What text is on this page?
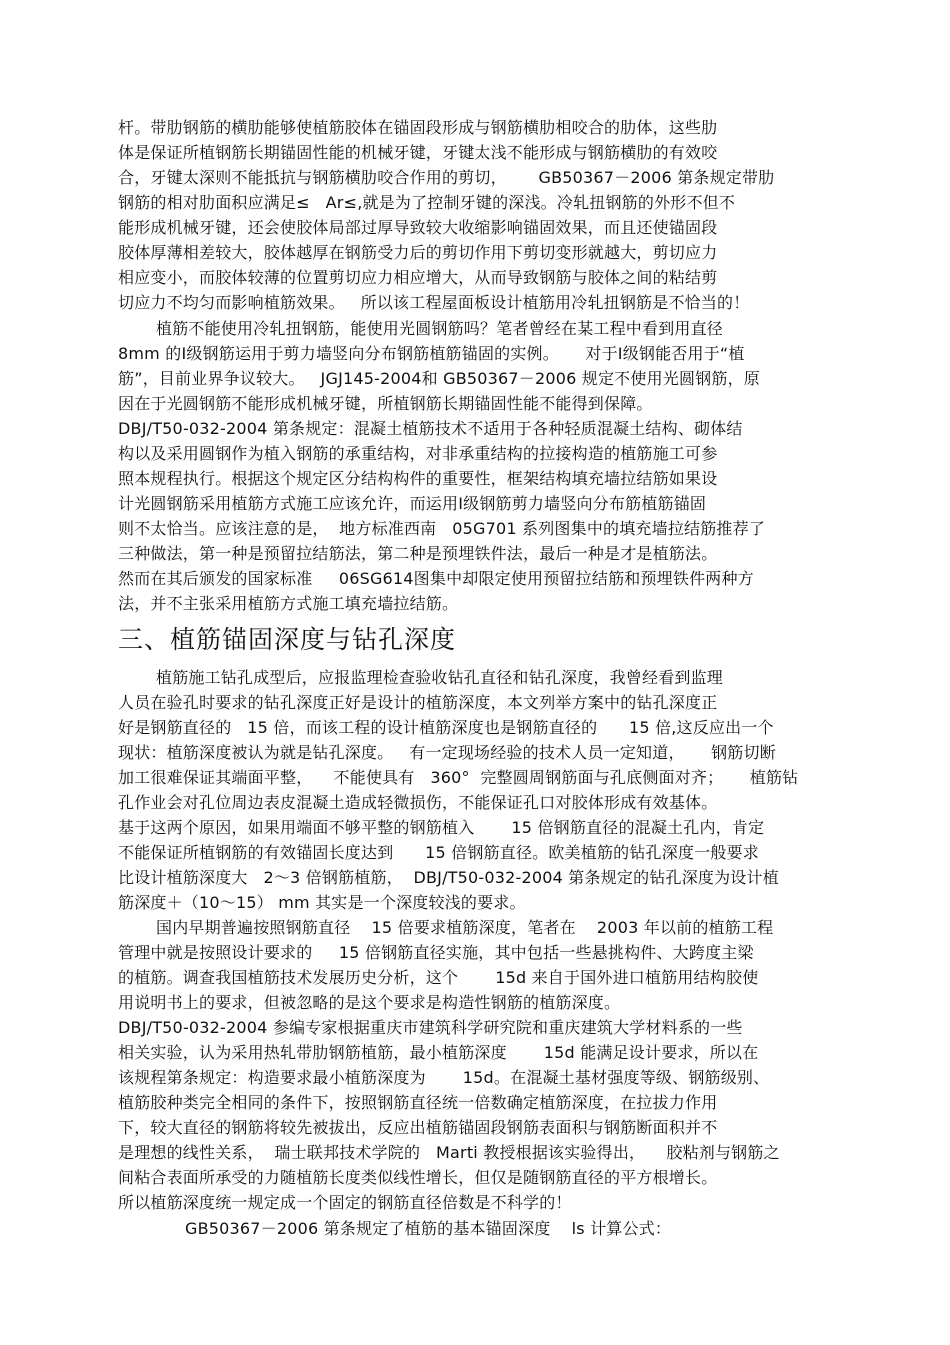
杆。带肋钢筋的横肋能够使植筋胶体在锚固段形成与钢筋横肋相咬合的肋体，这些肋
体是保证所植钢筋长期锚固性能的机械牙键，牙键太浅不能形成与钢筋横肋的有效咬
合，牙键太深则不能抵抗与钢筋横肋咬合作用的剪切，      GB50367－2006 第条规定带肋
钢筋的相对肋面积应满足≤   Ar≤,就是为了控制牙键的深浅。冷轧扭钢筋的外形不但不
能形成机械牙键，还会使胶体局部过厚导致较大收缩影响锚固效果，而且还使锚固段
胶体厚薄相差较大，胶体越厚在钢筋受力后的剪切作用下剪切变形就越大，剪切应力
相应变小，而胶体较薄的位置剪切应力相应增大，从而导致钢筋与胶体之间的粘结剪
切应力不均匀而影响植筋效果。   所以该工程屋面板设计植筋用冷轧扭钢筋是不恰当的！
植筋不能使用冷轧扭钢筋，能使用光圆钢筋吗？笔者曾经在某工程中看到用直径
8mm 的Ⅰ级钢筋运用于剪力墙竖向分布钢筋植筋锚固的实例。     对于Ⅰ级钢能否用于“植
筋”，目前业界争议较大。   JGJ145-2004和 GB50367－2006 规定不使用光圆钢筋，原
因在于光圆钢筋不能形成机械牙键，所植钢筋长期锚固性能不能得到保障。
DBJ/T50-032-2004 第条规定：混凝土植筋技术不适用于各种轻质混凝土结构、砌体结
构以及采用圆钢作为植入钢筋的承重结构，对非承重结构的拉接构造的植筋施工可参
照本规程执行。根据这个规定区分结构构件的重要性，框架结构填充墙拉结筋如果设
计光圆钢筋采用植筋方式施工应该允许，而运用Ⅰ级钢筋剪力墙竖向分布筋植筋锚固
则不太恰当。应该注意的是，  地方标准西南   05G701 系列图集中的填充墙拉结筋推荐了
三种做法，第一种是预留拉结筋法，第二种是预埋铁件法，最后一种是才是植筋法。
然而在其后颁发的国家标准     06SG614图集中却限定使用预留拉结筋和预埋铁件两种方
法，并不主张采用植筋方式施工填充墙拉结筋。
三、植筋锚固深度与钻孔深度
植筋施工钻孔成型后，应报监理检查验收钻孔直径和钻孔深度，我曾经看到监理
人员在验孔时要求的钻孔深度正好是设计的植筋深度，本文列举方案中的钻孔深度正
好是钢筋直径的   15 倍，而该工程的设计植筋深度也是钢筋直径的      15 倍,这反应出一个
现状：植筋深度被认为就是钻孔深度。   有一定现场经验的技术人员一定知道，     钢筋切断
加工很难保证其端面平整，    不能使具有   360°  完整圆周钢筋面与孔底侧面对齐；     植筋钻
孔作业会对孔位周边表皮混凝土造成轻微损伤，不能保证孔口对胶体形成有效基体。
基于这两个原因，如果用端面不够平整的钢筋植入       15 倍钢筋直径的混凝土孔内，肯定
不能保证所植钢筋的有效锚固长度达到      15 倍钢筋直径。欧美植筋的钻孔深度一般要求
比设计植筋深度大   2～3 倍钢筋植筋，  DBJ/T50-032-2004 第条规定的钻孔深度为设计植
筋深度＋（10～15） mm 其实是一个深度较浅的要求。
国内早期普遍按照钢筋直径    15 倍要求植筋深度，笔者在    2003 年以前的植筋工程
管理中就是按照设计要求的     15 倍钢筋直径实施，其中包括一些悬挑构件、大跨度主梁
的植筋。调查我国植筋技术发展历史分析，这个       15d 来自于国外进口植筋用结构胶使
用说明书上的要求，但被忽略的是这个要求是构造性钢筋的植筋深度。
DBJ/T50-032-2004 参编专家根据重庆市建筑科学研究院和重庆建筑大学材料系的一些
相关实验，认为采用热轧带肋钢筋植筋，最小植筋深度       15d 能满足设计要求，所以在
该规程第条规定：构造要求最小植筋深度为       15d。在混凝土基材强度等级、钢筋级别、
植筋胶种类完全相同的条件下，按照钢筋直径统一倍数确定植筋深度，在拉拔力作用
下，较大直径的钢筋将较先被拔出，反应出植筋锚固段钢筋表面积与钢筋断面积并不
是理想的线性关系，  瑞士联邦技术学院的   Marti 教授根据该实验得出，    胶粘剂与钢筋之
间粘合表面所承受的力随植筋长度类似线性增长，但仅是随钢筋直径的平方根增长。
所以植筋深度统一规定成一个固定的钢筋直径倍数是不科学的！
GB50367－2006 第条规定了植筋的基本锚固深度    ls 计算公式：
